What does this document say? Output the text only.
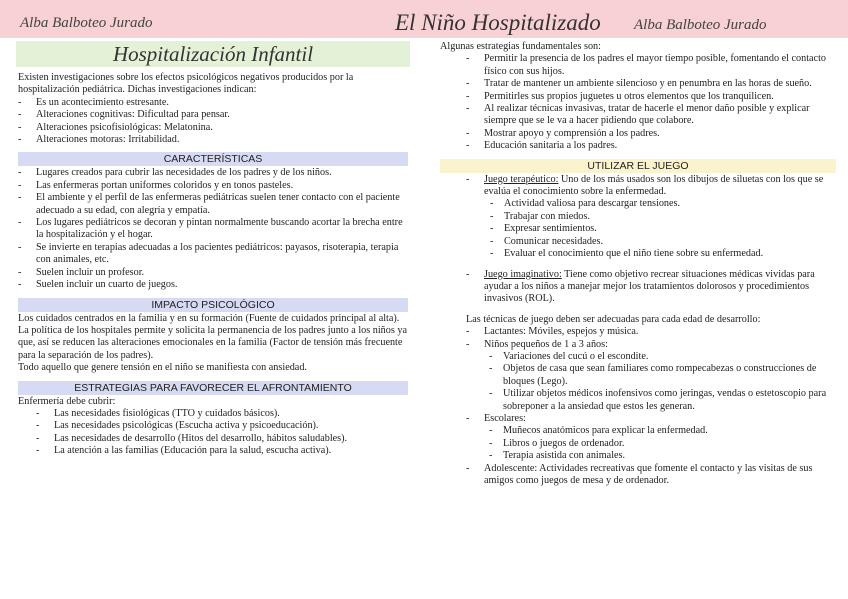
Alba Balboteo Jurado	El Niño Hospitalizado Alba Balboteo Jurado
Hospitalización Infantil

Existen investigaciones sobre los efectos psicológicos negativos producidos por la hospitalización pediátrica. Dichas investigaciones indican:

- Es un acontecimiento estresante.
- Alteraciones cognitivas: Dificultad para pensar.
- Alteraciones psicofisiológicas: Melatonina.
- Alteraciones motoras: Irritabilidad.
CARACTERÍSTICAS
- Lugares creados para cubrir las necesidades de los padres y de los niños.
- Las enfermeras portan uniformes coloridos y en tonos pasteles.
- El ambiente y el perfil de las enfermeras pediátricas suelen tener contacto con el paciente adecuado a su edad, con alegría y empatía.
- Los lugares pediátricos se decoran y pintan normalmente buscando acortar la brecha entre la hospitalización y el hogar.
- Se invierte en terapias adecuadas a los pacientes pediátricos: payasos, risoterapia, terapia con animales, etc.
- Suelen incluir un profesor.
- Suelen incluir un cuarto de juegos.
IMPACTO PSICOLÓGICO

Los cuidados centrados en la familia y en su formación (Fuente de cuidados principal al alta).

La política de los hospitales permite y solicita la permanencia de los padres junto a los niños ya que, así se reducen las alteraciones emocionales en la familia (Factor de tensión más frecuente para la separación de los padres).

Todo aquello que genere tensión en el niño se manifiesta con ansiedad.

ESTRATEGIAS PARA FAVORECER EL AFRONTAMIENTO

Enfermería debe cubrir:

- Las necesidades fisiológicas (TTO y cuidados básicos).
- Las necesidades psicológicas (Escucha activa y psicoeducación).
- Las necesidades de desarrollo (Hitos del desarrollo, hábitos saludables).
- La atención a las familias (Educación para la salud, escucha activa).

Algunas estrategias fundamentales son:

- Permitir la presencia de los padres el mayor tiempo posible, fomentando el contacto físico con sus hijos.
- Tratar de mantener un ambiente silencioso y en penumbra en las horas de sueño.
- Permitirles sus propios juguetes u otros elementos que los tranquilicen.
- Al realizar técnicas invasivas, tratar de hacerle el menor daño posible y explicar siempre que se le va a hacer pidiendo que colabore.
- Mostrar apoyo y comprensión a los padres.
- Educación sanitaria a los padres.
UTILIZAR EL JUEGO
- Juego terapéutico: Uno de los más usados son los dibujos de siluetas con los que se evalúa el conocimiento sobre la enfermedad.
- Actividad valiosa para descargar tensiones.
- Trabajar con miedos.
- Expresar sentimientos.
- Comunicar necesidades.
- Evaluar el conocimiento que el niño tiene sobre su enfermedad.
- Juego imaginativo: Tiene como objetivo recrear situaciones médicas vividas para ayudar a los niños a manejar mejor los tratamientos dolorosos y procedimientos invasivos (ROL).

Las técnicas de juego deben ser adecuadas para cada edad de desarrollo:

- Lactantes: Móviles, espejos y música.
- Niños pequeños de 1 a 3 años:
- Variaciones del cucú o el escondite.
- Objetos de casa que sean familiares como rompecabezas o construcciones de bloques (Lego).
- Utilizar objetos médicos inofensivos como jeringas, vendas o estetoscopio para sobreponer a la ansiedad que estos les generan.
- Escolares:
- Muñecos anatómicos para explicar la enfermedad.
- Libros o juegos de ordenador.
- Terapia asistida con animales.
- Adolescente: Actividades recreativas que fomente el contacto y las visitas de sus amigos como juegos de mesa y de ordenador.
